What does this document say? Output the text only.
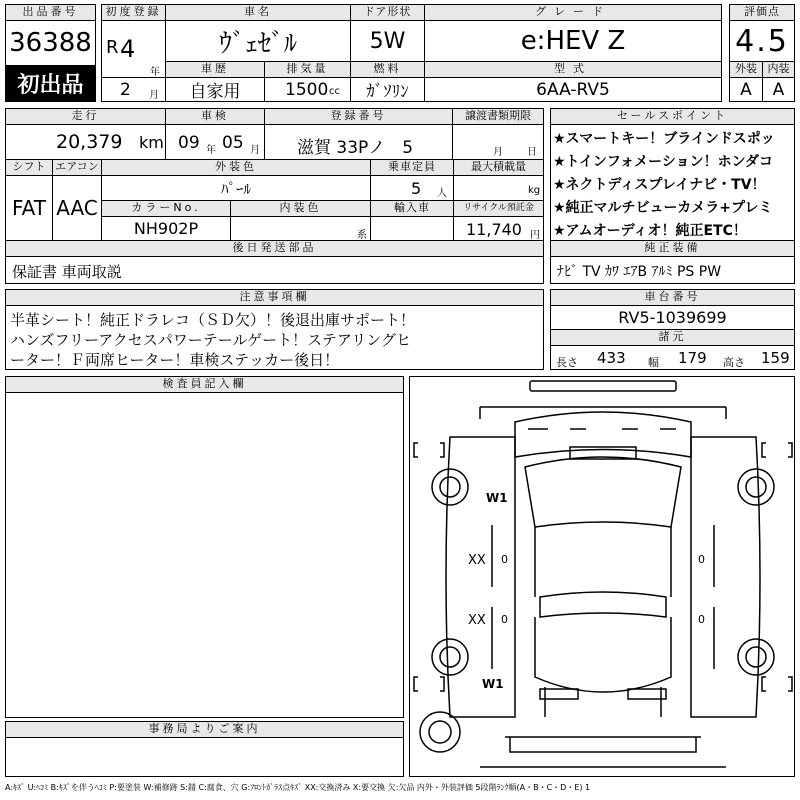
出品番号
36388
初出品
初度登録
R 4
年
2 月
車名
ｳﾞｪｾﾞﾙ
ドア形状
5W
グレード
e:HEV Z
車歴
自家用
排気量
1500 cc
燃料
ｶﾞｿﾘﾝ
型式
6AA-RV5
評価点
4.5
外装 内装
A	A
走行
20,379 km
車検
09 年 05 月
登録番号
滋賀 33Pノ　5
譲渡書類期限
月 日
シフト
FAT
エアコン
AAC
外装色
ﾊﾟｰﾙ
乗車定員
5 人
最大積載量
kg
カラーNo.
NH902P
内装色
系
輸入車	リサイクル預託金
11,740 円
後日発送部品
保証書 車両取説
セールスポイント
★スマートキー！ブラインドスポッ
★トインフォメーション！ホンダコ
★ネクトディスプレイナビ・TV！
★純正マルチビューカメラ+プレミ
★アムオーディオ！純正ETC！
純正装備
ﾅﾋﾞ TV ｶﾜ ｴｱB ｱﾙﾐ PS PW
注意事項欄
半革シート！純正ドラレコ（ＳＤ欠）！後退出庫サポート！
ハンズフリーアクセスパワーテールゲート！ステアリングヒ
ーター！Ｆ両席ヒーター！車検ステッカー後日！
車台番号
RV5-1039699
諸元
長さ 433 幅 179 高さ 159
検査員記入欄
事務局よりご案内
W1
XX 0
XX 0
0
0
W1
A:ｷｽﾞ U:ﾍｺﾐ B:ｷｽﾞを伴うﾍｺﾐ P:要塗装 W:補修跡 S:錆 C:腐食、穴 G:ﾌﾛﾝﾄｶﾞﾗｽ点ｷｽﾞ XX:交換済み X:要交換 欠:欠品 内外・外装評価 5段階ﾗﾝｸ順(A・B・C・D・E) 1
